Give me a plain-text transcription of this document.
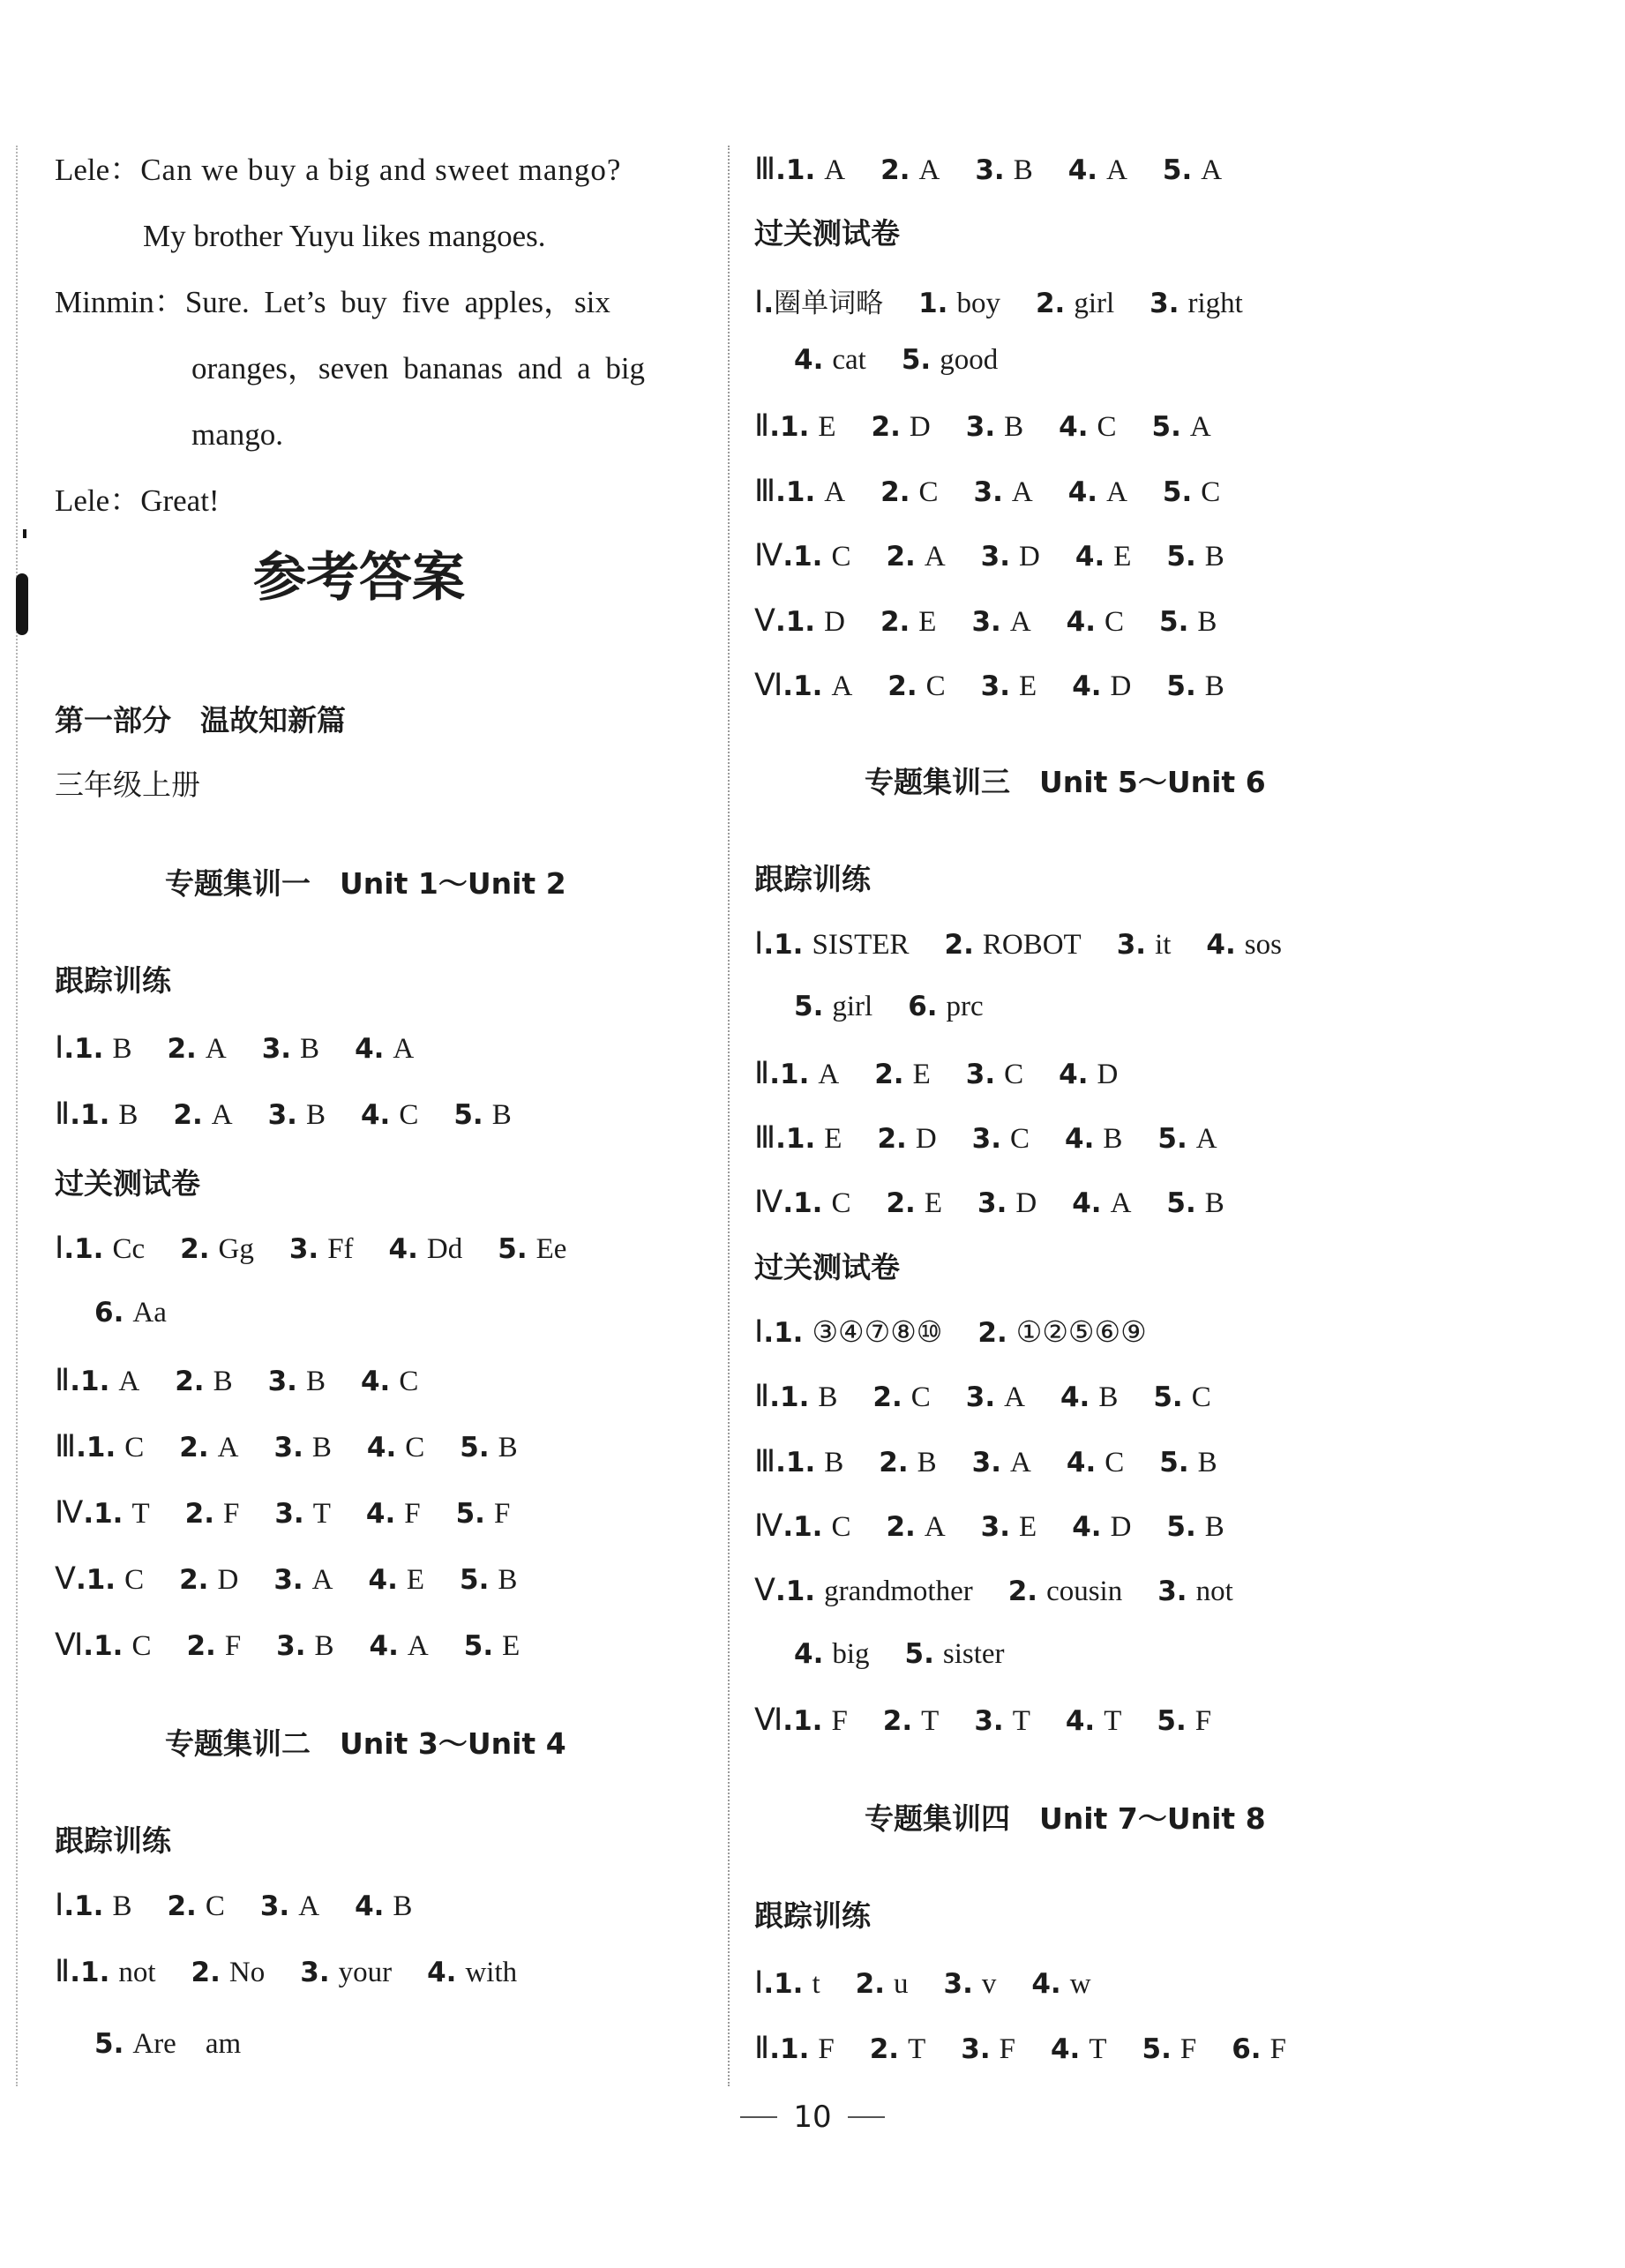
Lele：Can we buy a big and sweet mango?
My brother Yuyu likes mangoes.
Minmin：Sure. Let’s buy five apples，six
oranges，seven bananas and a big
mango.
Lele：Great!
参考答案
第一部分　温故知新篇
三年级上册
专题集训一　Unit 1～Unit 2
跟踪训练
Ⅰ.1. B 2. A 3. B 4. A
Ⅱ.1. B 2. A 3. B 4. C 5. B
过关测试卷
Ⅰ.1. Cc 2. Gg 3. Ff 4. Dd 5. Ee
6. Aa
Ⅱ.1. A 2. B 3. B 4. C
Ⅲ.1. C 2. A 3. B 4. C 5. B
Ⅳ.1. T 2. F 3. T 4. F 5. F
Ⅴ.1. C 2. D 3. A 4. E 5. B
Ⅵ.1. C 2. F 3. B 4. A 5. E
专题集训二　Unit 3～Unit 4
跟踪训练
Ⅰ.1. B 2. C 3. A 4. B
Ⅱ.1. not 2. No 3. your 4. with
5. Are　am
Ⅲ.1. A 2. A 3. B 4. A 5. A
过关测试卷
Ⅰ.圈单词略 1. boy 2. girl 3. right
4. cat 5. good
Ⅱ.1. E 2. D 3. B 4. C 5. A
Ⅲ.1. A 2. C 3. A 4. A 5. C
Ⅳ.1. C 2. A 3. D 4. E 5. B
Ⅴ.1. D 2. E 3. A 4. C 5. B
Ⅵ.1. A 2. C 3. E 4. D 5. B
专题集训三　Unit 5～Unit 6
跟踪训练
Ⅰ.1. SISTER 2. ROBOT 3. it 4. sos
5. girl 6. prc
Ⅱ.1. A 2. E 3. C 4. D
Ⅲ.1. E 2. D 3. C 4. B 5. A
Ⅳ.1. C 2. E 3. D 4. A 5. B
过关测试卷
Ⅰ.1. ③④⑦⑧⑩ 2. ①②⑤⑥⑨
Ⅱ.1. B 2. C 3. A 4. B 5. C
Ⅲ.1. B 2. B 3. A 4. C 5. B
Ⅳ.1. C 2. A 3. E 4. D 5. B
Ⅴ.1. grandmother 2. cousin 3. not
4. big 5. sister
Ⅵ.1. F 2. T 3. T 4. T 5. F
专题集训四　Unit 7～Unit 8
跟踪训练
Ⅰ.1. t 2. u 3. v 4. w
Ⅱ.1. F 2. T 3. F 4. T 5. F 6. F
10
